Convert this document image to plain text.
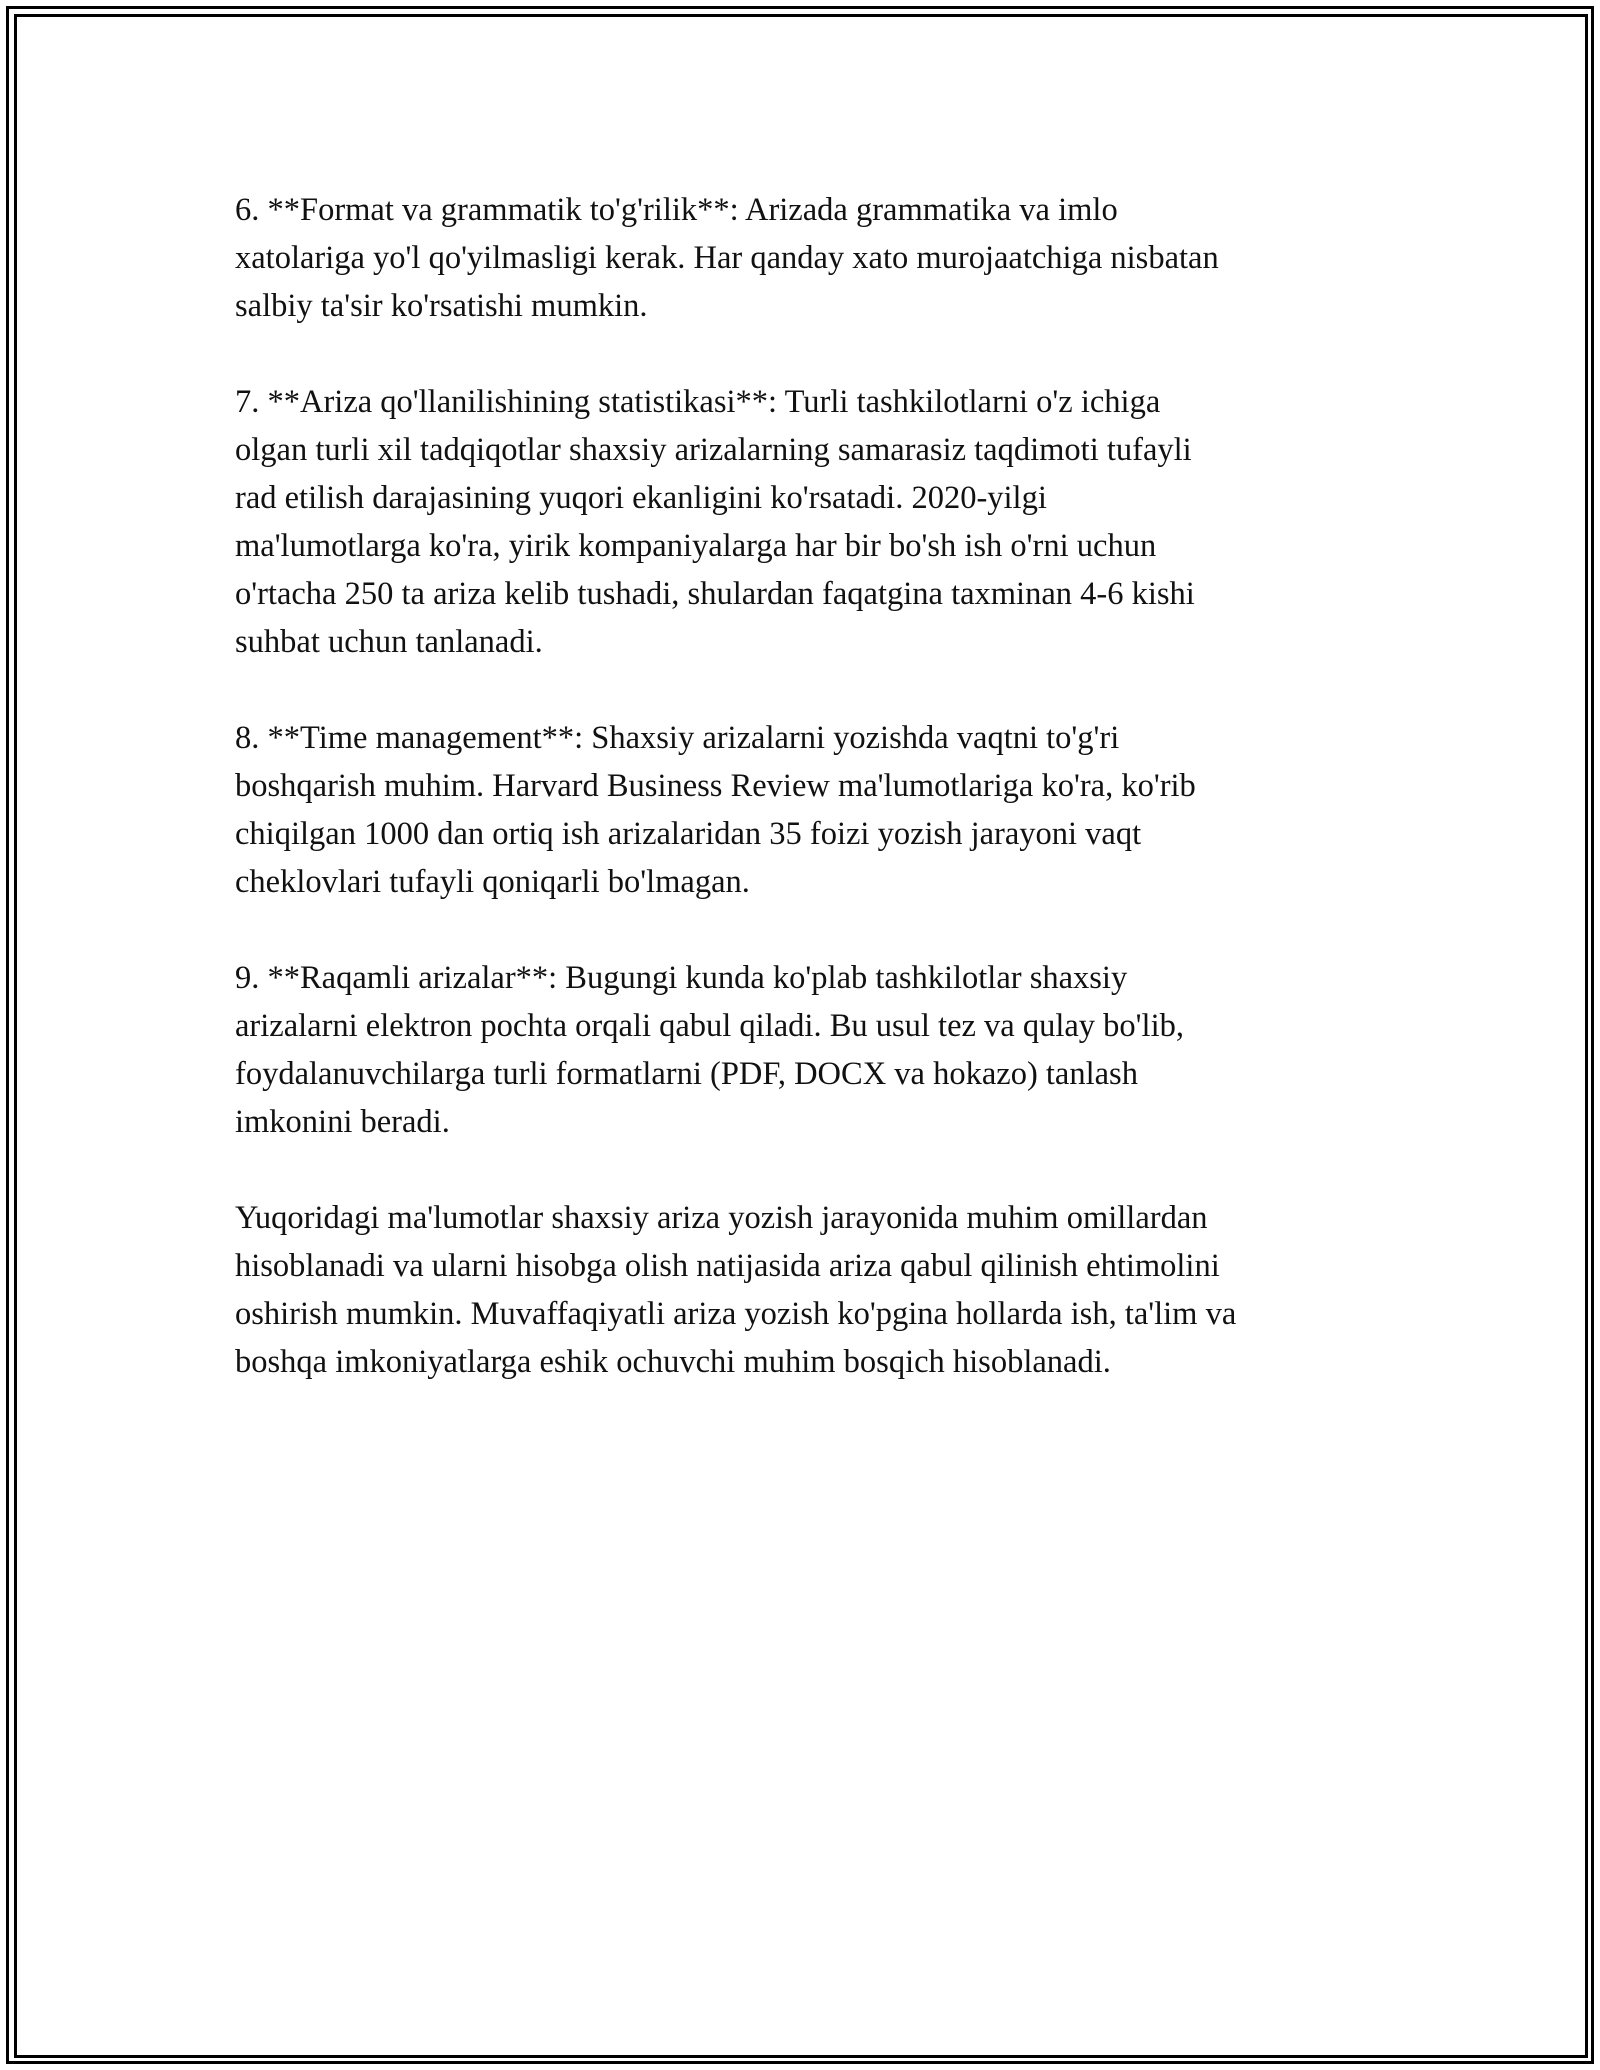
6. **Format va grammatik to'g'rilik**: Arizada grammatika va imlo
xatolariga yo'l qo'yilmasligi kerak. Har qanday xato murojaatchiga nisbatan
salbiy ta'sir ko'rsatishi mumkin.

7. **Ariza qo'llanilishining statistikasi**: Turli tashkilotlarni o'z ichiga
olgan turli xil tadqiqotlar shaxsiy arizalarning samarasiz taqdimoti tufayli
rad etilish darajasining yuqori ekanligini ko'rsatadi. 2020-yilgi
ma'lumotlarga ko'ra, yirik kompaniyalarga har bir bo'sh ish o'rni uchun
o'rtacha 250 ta ariza kelib tushadi, shulardan faqatgina taxminan 4-6 kishi
suhbat uchun tanlanadi.

8. **Time management**: Shaxsiy arizalarni yozishda vaqtni to'g'ri
boshqarish muhim. Harvard Business Review ma'lumotlariga ko'ra, ko'rib
chiqilgan 1000 dan ortiq ish arizalaridan 35 foizi yozish jarayoni vaqt
cheklovlari tufayli qoniqarli bo'lmagan.

9. **Raqamli arizalar**: Bugungi kunda ko'plab tashkilotlar shaxsiy
arizalarni elektron pochta orqali qabul qiladi. Bu usul tez va qulay bo'lib,
foydalanuvchilarga turli formatlarni (PDF, DOCX va hokazo) tanlash
imkonini beradi.

Yuqoridagi ma'lumotlar shaxsiy ariza yozish jarayonida muhim omillardan
hisoblanadi va ularni hisobga olish natijasida ariza qabul qilinish ehtimolini
oshirish mumkin. Muvaffaqiyatli ariza yozish ko'pgina hollarda ish, ta'lim va
boshqa imkoniyatlarga eshik ochuvchi muhim bosqich hisoblanadi.
